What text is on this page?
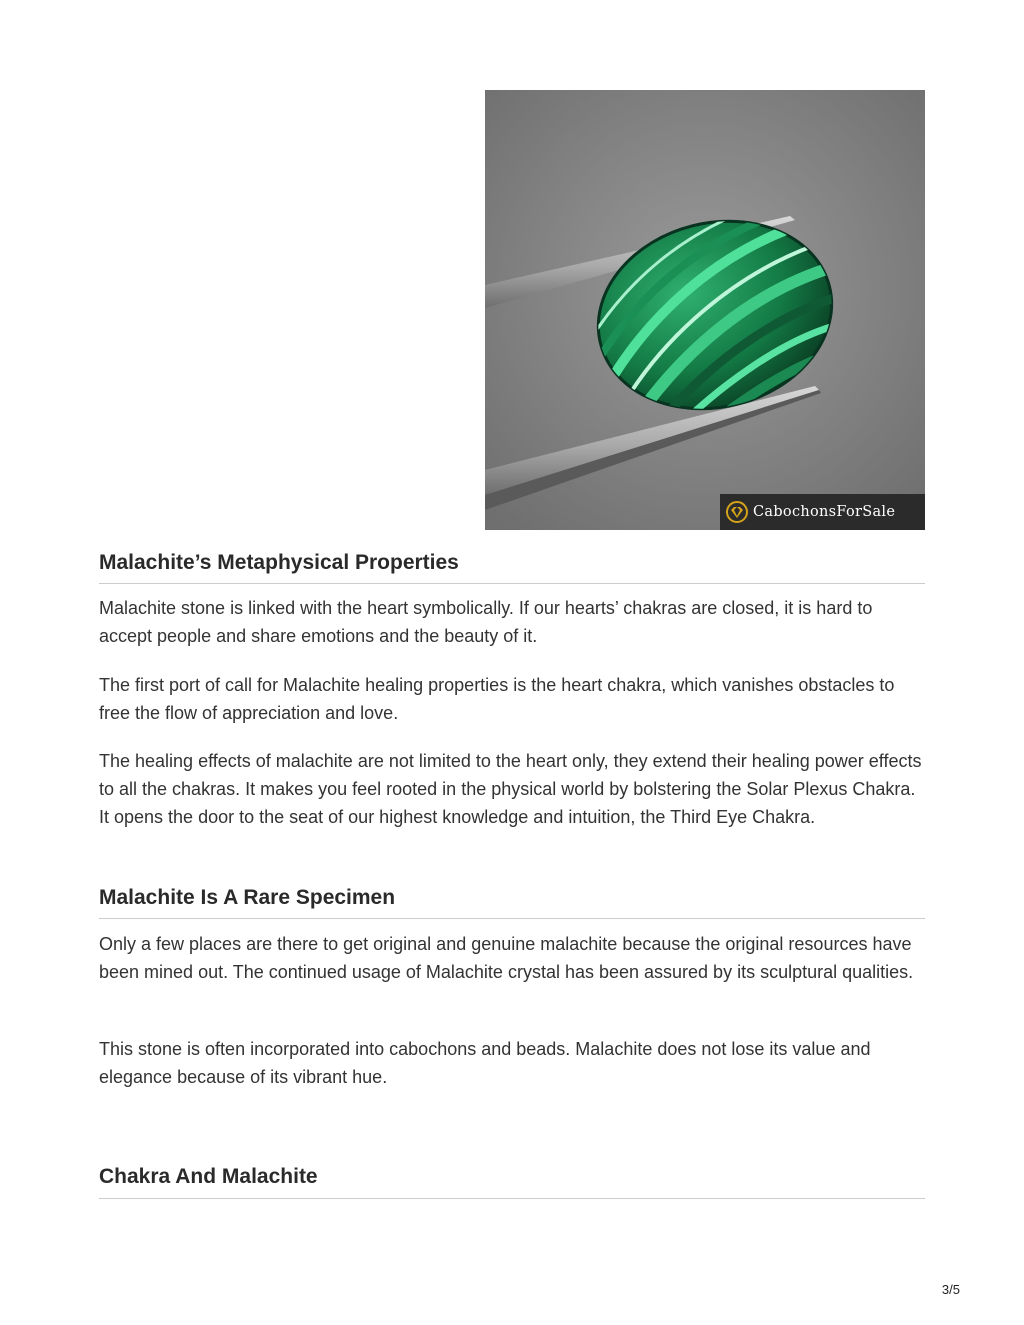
CabochonsForSale
Malachite’s Metaphysical Properties

Malachite stone is linked with the heart symbolically. If our hearts’ chakras are closed, it is hard to accept people and share emotions and the beauty of it.

The first port of call for Malachite healing properties is the heart chakra, which vanishes obstacles to free the flow of appreciation and love.

The healing effects of malachite are not limited to the heart only, they extend their healing power effects to all the chakras. It makes you feel rooted in the physical world by bolstering the Solar Plexus Chakra. It opens the door to the seat of our highest knowledge and intuition, the Third Eye Chakra.

Malachite Is A Rare Specimen

Only a few places are there to get original and genuine malachite because the original resources have been mined out. The continued usage of Malachite crystal has been assured by its sculptural qualities.

This stone is often incorporated into cabochons and beads. Malachite does not lose its value and elegance because of its vibrant hue.

Chakra And Malachite
3/5
